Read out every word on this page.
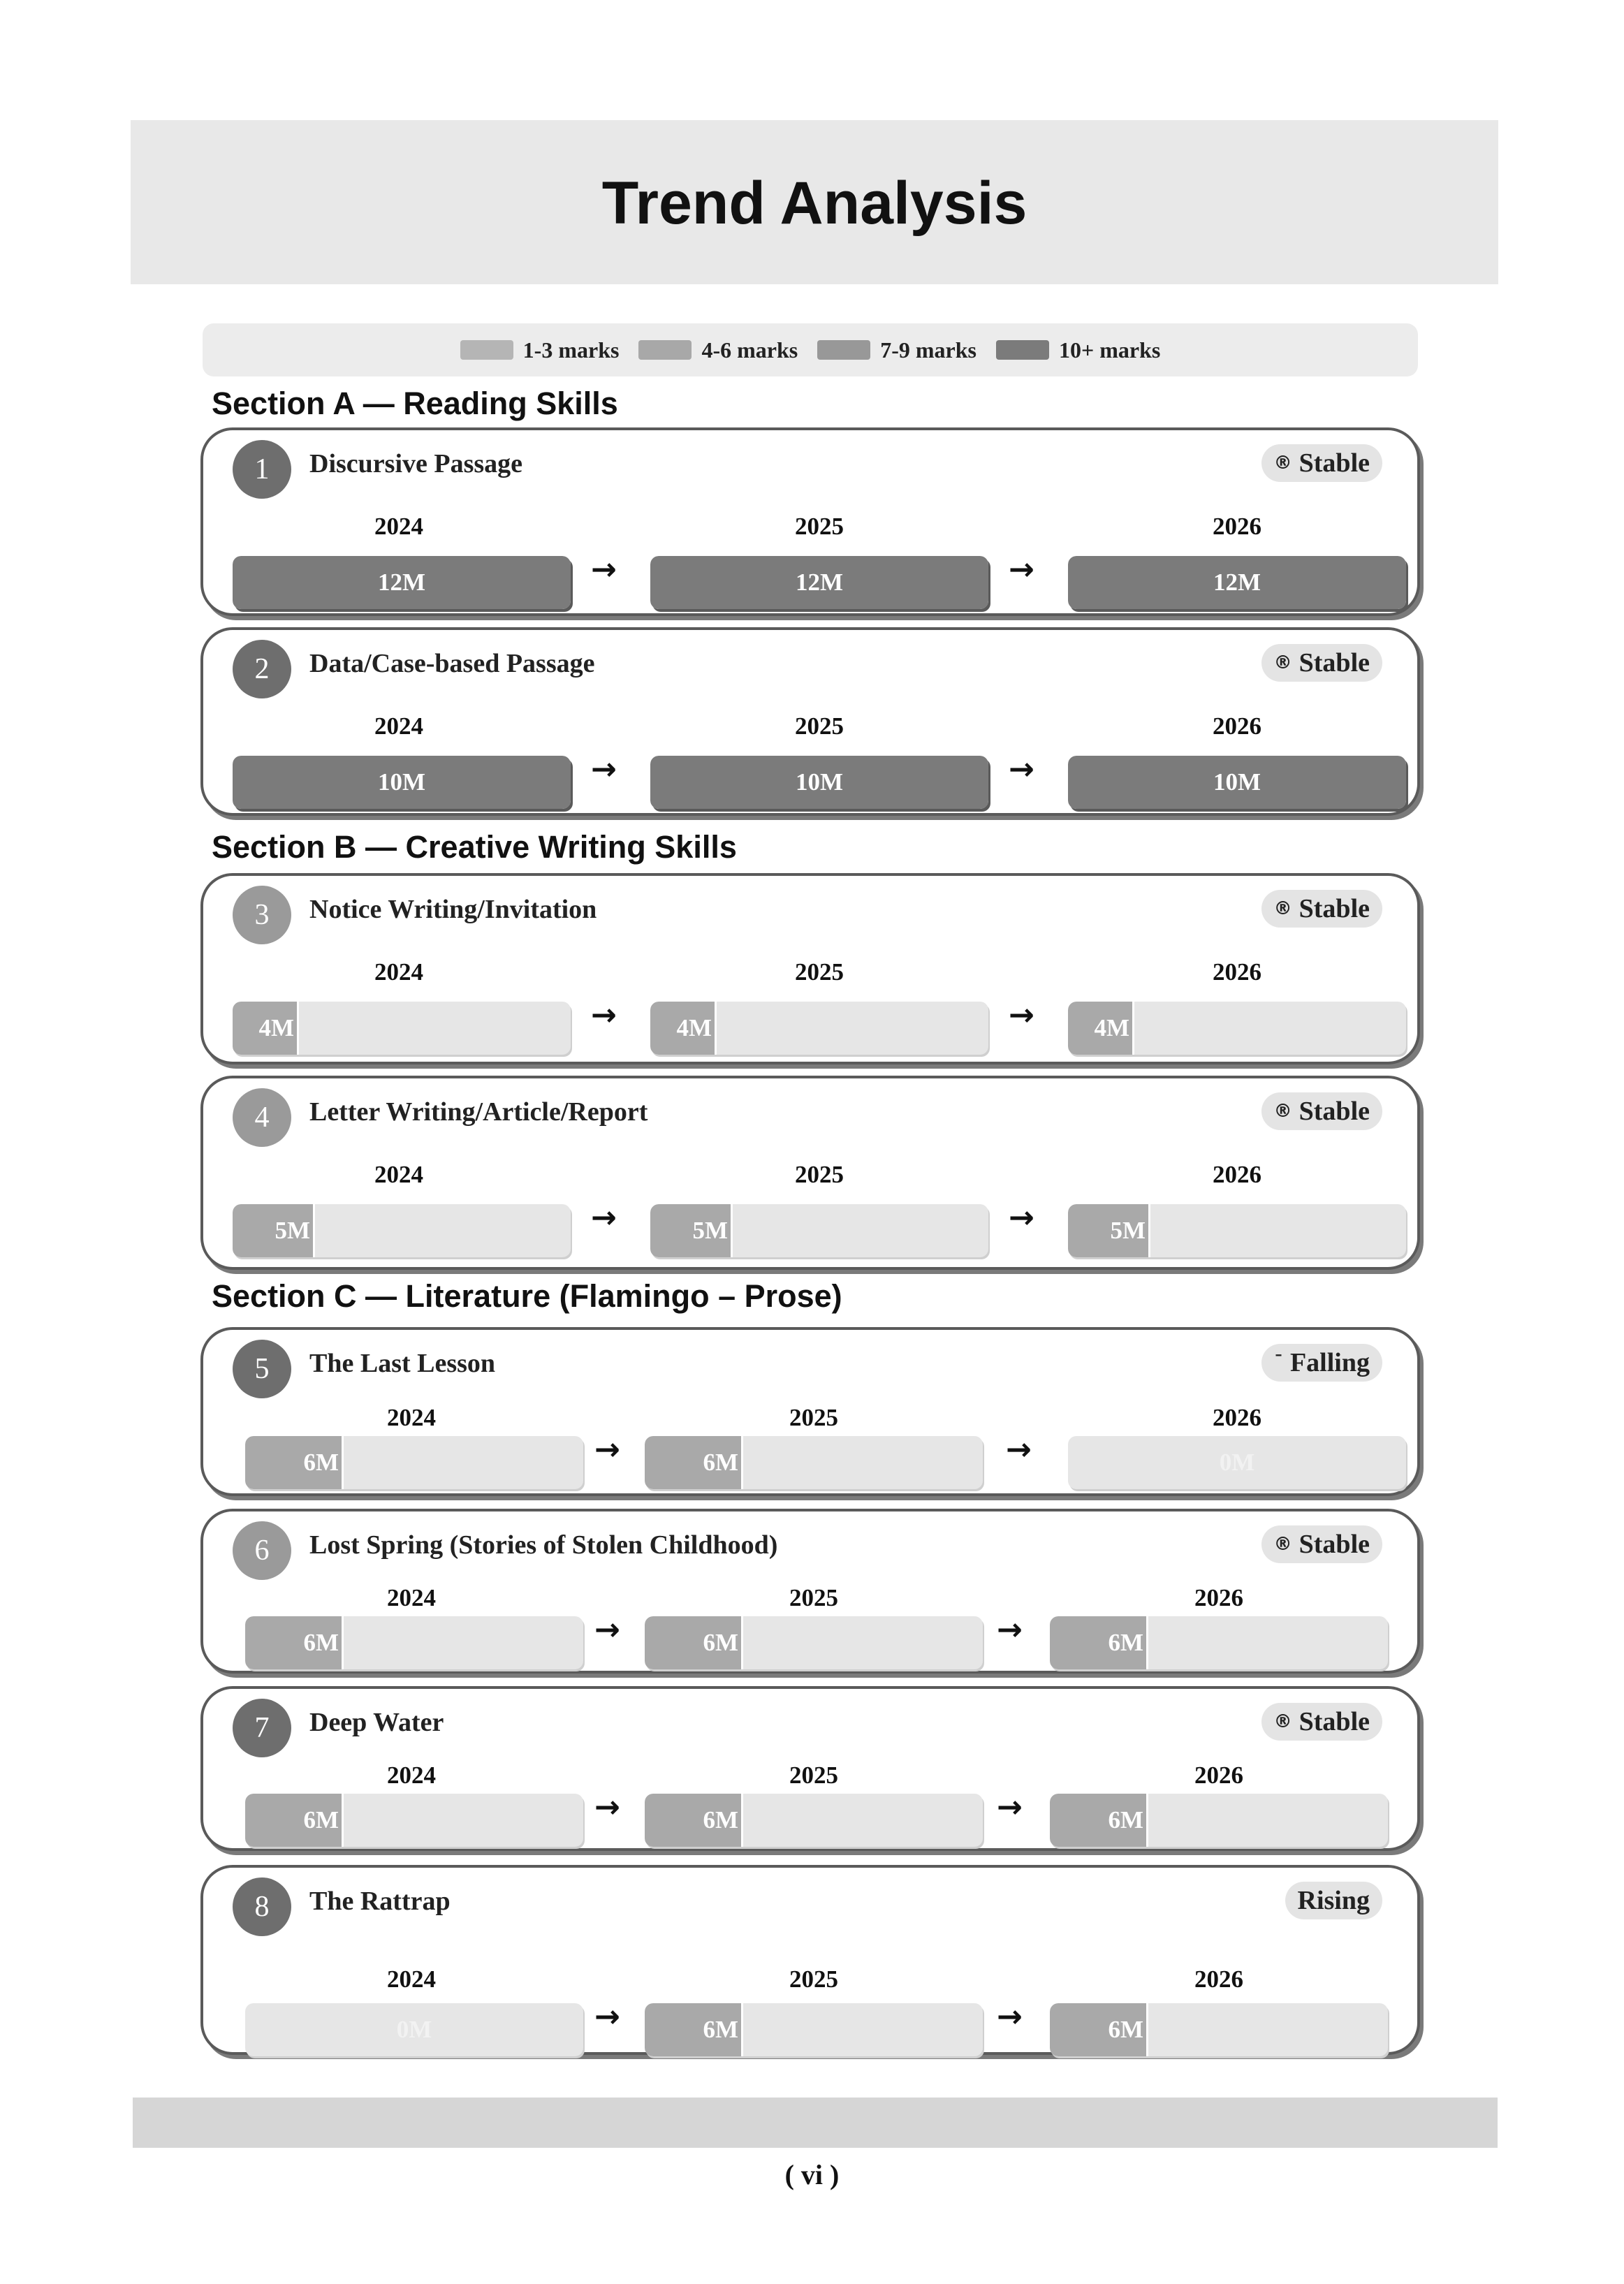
Trend Analysis
1-3 marks	4-6 marks	7-9 marks	10+ marks
Section A — Reading Skills
Section B — Creative Writing Skills
Section C — Literature (Flamingo – Prose)
1	Discursive Passage	® Stable
2024
12M	→
2025
12M	→
2026
12M
2	Data/Case-based Passage	® Stable
2024
10M	→
2025
10M	→
2026
10M
3	Notice Writing/Invitation	® Stable
2024
4M	→
2025
4M	→
2026
4M
4	Letter Writing/Article/Report	® Stable
2024
5M	→
2025
5M	→
2026
5M
5	The Last Lesson	¯ Falling
2024
6M	→
2025
6M	→
2026
0M
6	Lost Spring (Stories of Stolen Childhood)	® Stable
2024
6M	→
2025
6M	→
2026
6M
7	Deep Water	® Stable
2024
6M	→
2025
6M	→
2026
6M
8	The Rattrap	Rising
2024
0M	→
2025
6M	→
2026
6M
( vi )
